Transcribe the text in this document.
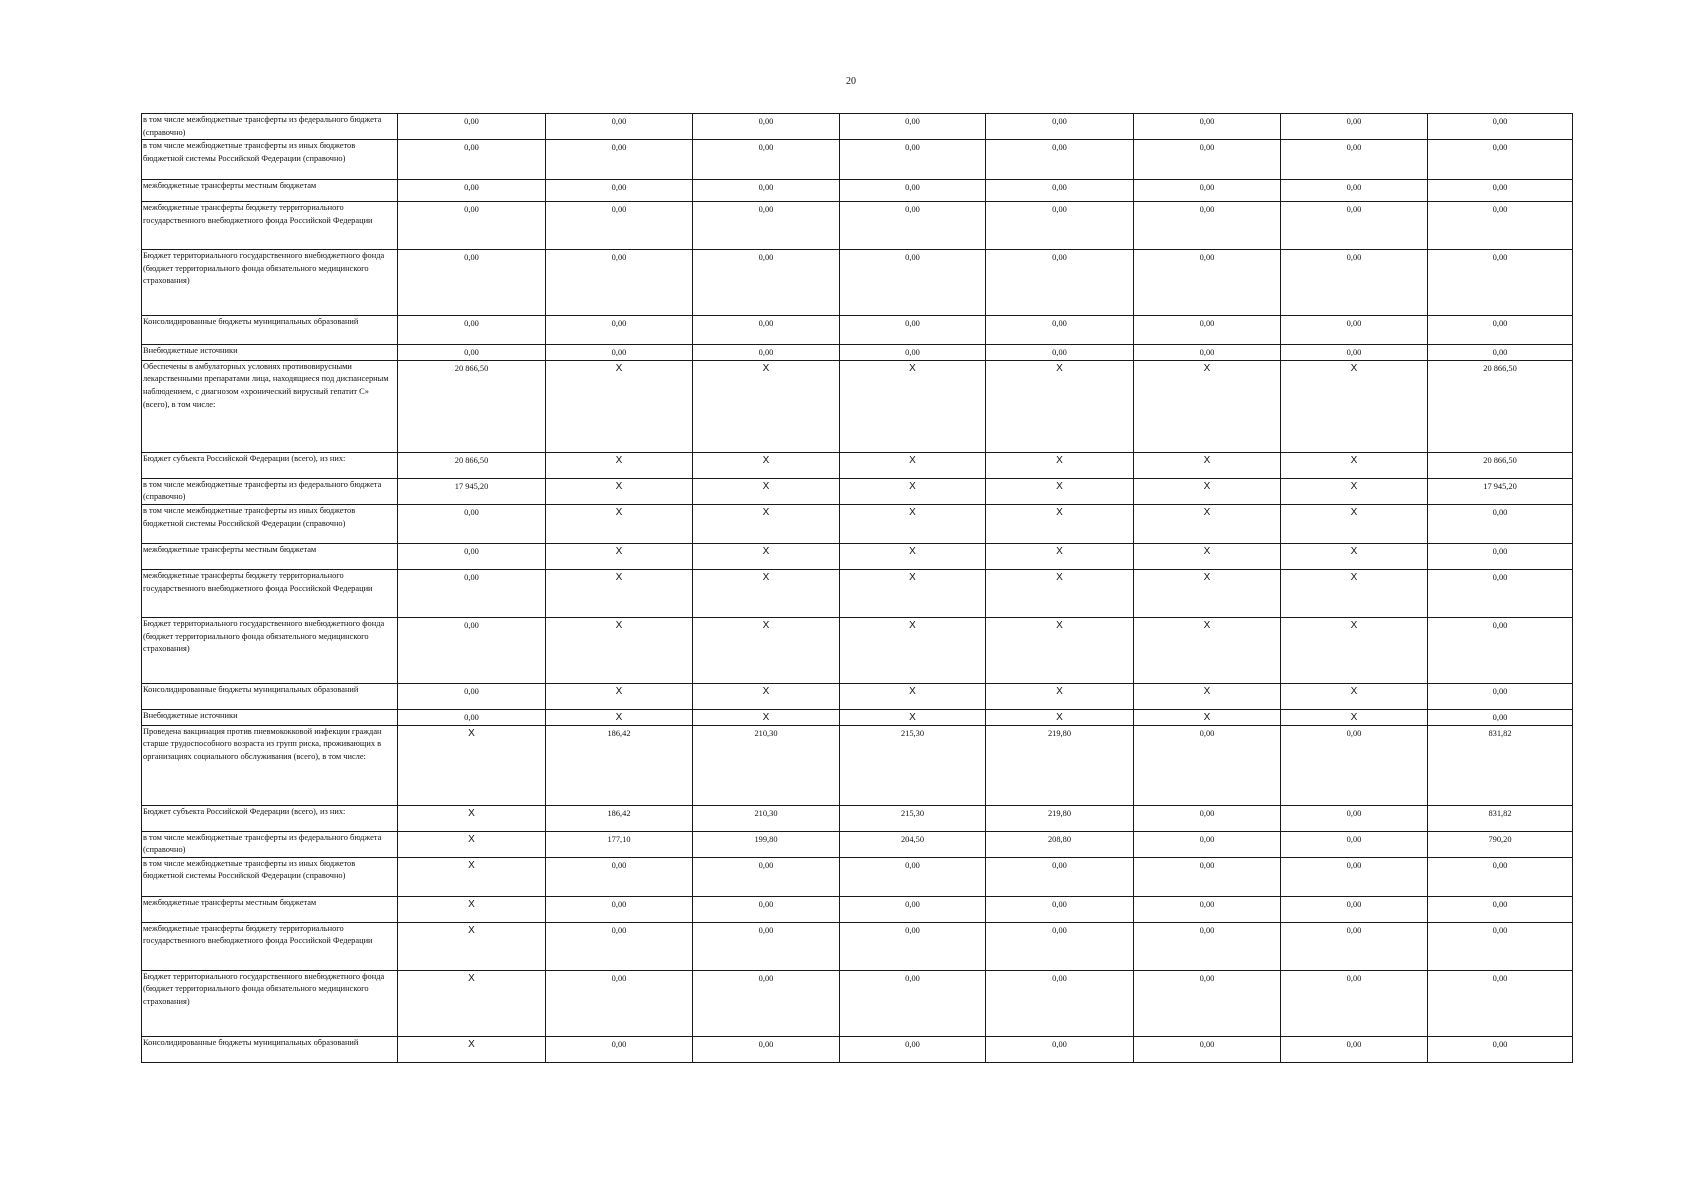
20
в том числе межбюджетные трансферты из федерального бюджета (справочно)	0,00	0,00	0,00	0,00	0,00	0,00	0,00	0,00
в том числе межбюджетные трансферты из иных бюджетов бюджетной системы Российской Федерации (справочно)	0,00	0,00	0,00	0,00	0,00	0,00	0,00	0,00
межбюджетные трансферты местным бюджетам	0,00	0,00	0,00	0,00	0,00	0,00	0,00	0,00
межбюджетные трансферты бюджету территориального государственного внебюджетного фонда Российской Федерации	0,00	0,00	0,00	0,00	0,00	0,00	0,00	0,00
Бюджет территориального государственного внебюджетного фонда (бюджет территориального фонда обязательного медицинского страхования)	0,00	0,00	0,00	0,00	0,00	0,00	0,00	0,00
Консолидированные бюджеты муниципальных образований	0,00	0,00	0,00	0,00	0,00	0,00	0,00	0,00
Внебюджетные источники	0,00	0,00	0,00	0,00	0,00	0,00	0,00	0,00
Обеспечены в амбулаторных условиях противовирусными лекарственными препаратами лица, находящиеся под диспансерным наблюдением, с диагнозом «хронический вирусный гепатит С» (всего), в том числе:	20 866,50	X	X	X	X	X	X	20 866,50
Бюджет субъекта Российской Федерации (всего), из них:	20 866,50	X	X	X	X	X	X	20 866,50
в том числе межбюджетные трансферты из федерального бюджета (справочно)	17 945,20	X	X	X	X	X	X	17 945,20
в том числе межбюджетные трансферты из иных бюджетов бюджетной системы Российской Федерации (справочно)	0,00	X	X	X	X	X	X	0,00
межбюджетные трансферты местным бюджетам	0,00	X	X	X	X	X	X	0,00
межбюджетные трансферты бюджету территориального государственного внебюджетного фонда Российской Федерации	0,00	X	X	X	X	X	X	0,00
Бюджет территориального государственного внебюджетного фонда (бюджет территориального фонда обязательного медицинского страхования)	0,00	X	X	X	X	X	X	0,00
Консолидированные бюджеты муниципальных образований	0,00	X	X	X	X	X	X	0,00
Внебюджетные источники	0,00	X	X	X	X	X	X	0,00
Проведена вакцинация против пневмококковой инфекции граждан старше трудоспособного возраста из групп риска, проживающих в организациях социального обслуживания (всего), в том числе:	X	186,42	210,30	215,30	219,80	0,00	0,00	831,82
Бюджет субъекта Российской Федерации (всего), из них:	X	186,42	210,30	215,30	219,80	0,00	0,00	831,82
в том числе межбюджетные трансферты из федерального бюджета (справочно)	X	177,10	199,80	204,50	208,80	0,00	0,00	790,20
в том числе межбюджетные трансферты из иных бюджетов бюджетной системы Российской Федерации (справочно)	X	0,00	0,00	0,00	0,00	0,00	0,00	0,00
межбюджетные трансферты местным бюджетам	X	0,00	0,00	0,00	0,00	0,00	0,00	0,00
межбюджетные трансферты бюджету территориального государственного внебюджетного фонда Российской Федерации	X	0,00	0,00	0,00	0,00	0,00	0,00	0,00
Бюджет территориального государственного внебюджетного фонда (бюджет территориального фонда обязательного медицинского страхования)	X	0,00	0,00	0,00	0,00	0,00	0,00	0,00
Консолидированные бюджеты муниципальных образований	X	0,00	0,00	0,00	0,00	0,00	0,00	0,00
